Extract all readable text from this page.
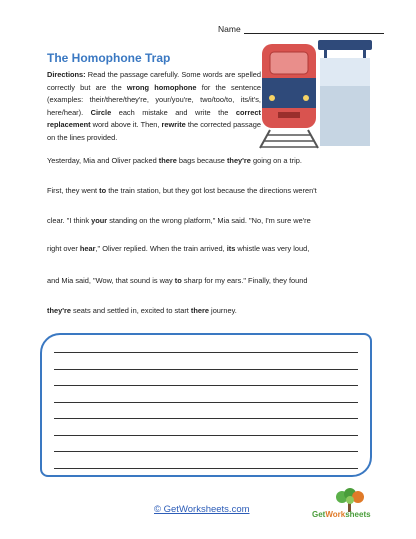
Name
The Homophone Trap
Directions: Read the passage carefully. Some words are spelled correctly but are the wrong homophone for the sentence (examples: their/there/they're, your/you're, two/too/to, its/it's, here/hear). Circle each mistake and write the correct replacement word above it. Then, rewrite the corrected passage on the lines provided.
Yesterday, Mia and Oliver packed there bags because they're going on a trip.
First, they went to the train station, but they got lost because the directions weren't
clear. "I think your standing on the wrong platform," Mia said. "No, I'm sure we're
right over hear," Oliver replied. When the train arrived, its whistle was very loud,
and Mia said, "Wow, that sound is way to sharp for my ears." Finally, they found
they're seats and settled in, excited to start there journey.
© GetWorksheets.com	GetWorksheets
